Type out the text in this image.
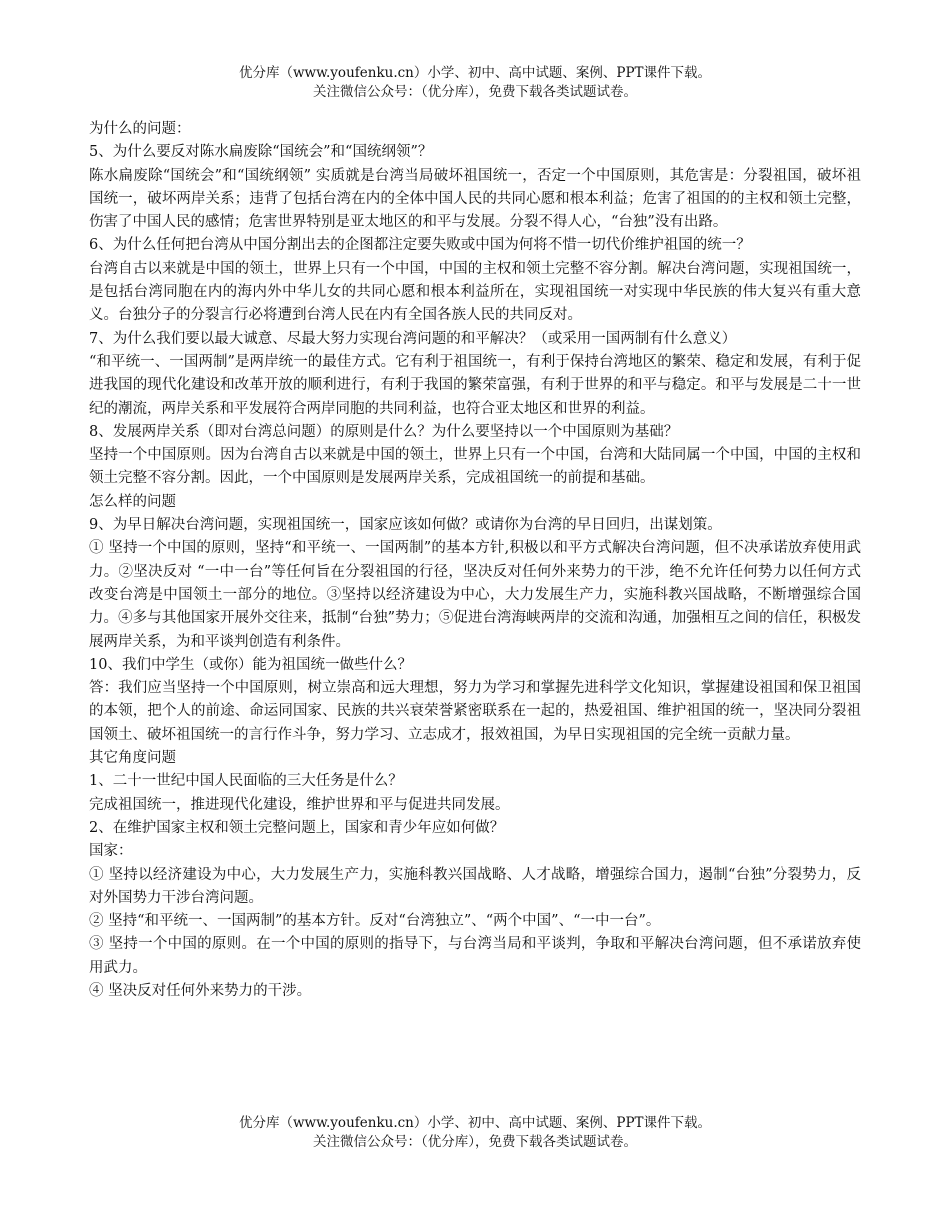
优分库（www.youfenku.cn）小学、初中、高中试题、案例、PPT课件下载。
关注微信公众号：（优分库），免费下载各类试题试卷。

为什么的问题：

5、为什么要反对陈水扁废除“国统会”和“国统纲领”？

陈水扁废除“国统会”和“国统纲领” 实质就是台湾当局破坏祖国统一，否定一个中国原则，其危害是：分裂祖国，破坏祖国统一，破坏两岸关系；违背了包括台湾在内的全体中国人民的共同心愿和根本利益；危害了祖国的的主权和领土完整，伤害了中国人民的感情；危害世界特别是亚太地区的和平与发展。分裂不得人心，“台独”没有出路。

6、为什么任何把台湾从中国分割出去的企图都注定要失败或中国为何将不惜一切代价维护祖国的统一？

台湾自古以来就是中国的领土，世界上只有一个中国，中国的主权和领土完整不容分割。解决台湾问题，实现祖国统一，是包括台湾同胞在内的海内外中华儿女的共同心愿和根本利益所在，实现祖国统一对实现中华民族的伟大复兴有重大意义。台独分子的分裂言行必将遭到台湾人民在内有全国各族人民的共同反对。

7、为什么我们要以最大诚意、尽最大努力实现台湾问题的和平解决？（或采用一国两制有什么意义）

“和平统一、一国两制”是两岸统一的最佳方式。它有利于祖国统一，有利于保持台湾地区的繁荣、稳定和发展，有利于促进我国的现代化建设和改革开放的顺利进行，有利于我国的繁荣富强，有利于世界的和平与稳定。和平与发展是二十一世纪的潮流，两岸关系和平发展符合两岸同胞的共同利益，也符合亚太地区和世界的利益。

8、发展两岸关系（即对台湾总问题）的原则是什么？为什么要坚持以一个中国原则为基础？

坚持一个中国原则。因为台湾自古以来就是中国的领土，世界上只有一个中国，台湾和大陆同属一个中国，中国的主权和领土完整不容分割。因此，一个中国原则是发展两岸关系，完成祖国统一的前提和基础。

怎么样的问题

9、为早日解决台湾问题，实现祖国统一，国家应该如何做？或请你为台湾的早日回归，出谋划策。

① 坚持一个中国的原则，坚持“和平统一、一国两制”的基本方针,积极以和平方式解决台湾问题，但不决承诺放弃使用武力。②坚决反对 “一中一台”等任何旨在分裂祖国的行径，坚决反对任何外来势力的干涉，绝不允许任何势力以任何方式改变台湾是中国领土一部分的地位。③坚持以经济建设为中心，大力发展生产力，实施科教兴国战略，不断增强综合国力。④多与其他国家开展外交往来，抵制“台独”势力；⑤促进台湾海峡两岸的交流和沟通，加强相互之间的信任，积极发展两岸关系，为和平谈判创造有利条件。

10、我们中学生（或你）能为祖国统一做些什么？

答：我们应当坚持一个中国原则，树立崇高和远大理想，努力为学习和掌握先进科学文化知识，掌握建设祖国和保卫祖国的本领，把个人的前途、命运同国家、民族的共兴衰荣誉紧密联系在一起的，热爱祖国、维护祖国的统一，坚决同分裂祖国领土、破坏祖国统一的言行作斗争，努力学习、立志成才，报效祖国，为早日实现祖国的完全统一贡献力量。

其它角度问题

1、二十一世纪中国人民面临的三大任务是什么？

完成祖国统一，推进现代化建设，维护世界和平与促进共同发展。

2、在维护国家主权和领土完整问题上，国家和青少年应如何做？

国家：

① 坚持以经济建设为中心，大力发展生产力，实施科教兴国战略、人才战略，增强综合国力，遏制“台独”分裂势力，反对外国势力干涉台湾问题。

② 坚持“和平统一、一国两制”的基本方针。反对“台湾独立”、“两个中国”、“一中一台”。

③ 坚持一个中国的原则。在一个中国的原则的指导下，与台湾当局和平谈判，争取和平解决台湾问题，但不承诺放弃使用武力。

④ 坚决反对任何外来势力的干涉。

优分库（www.youfenku.cn）小学、初中、高中试题、案例、PPT课件下载。
关注微信公众号：（优分库），免费下载各类试题试卷。
